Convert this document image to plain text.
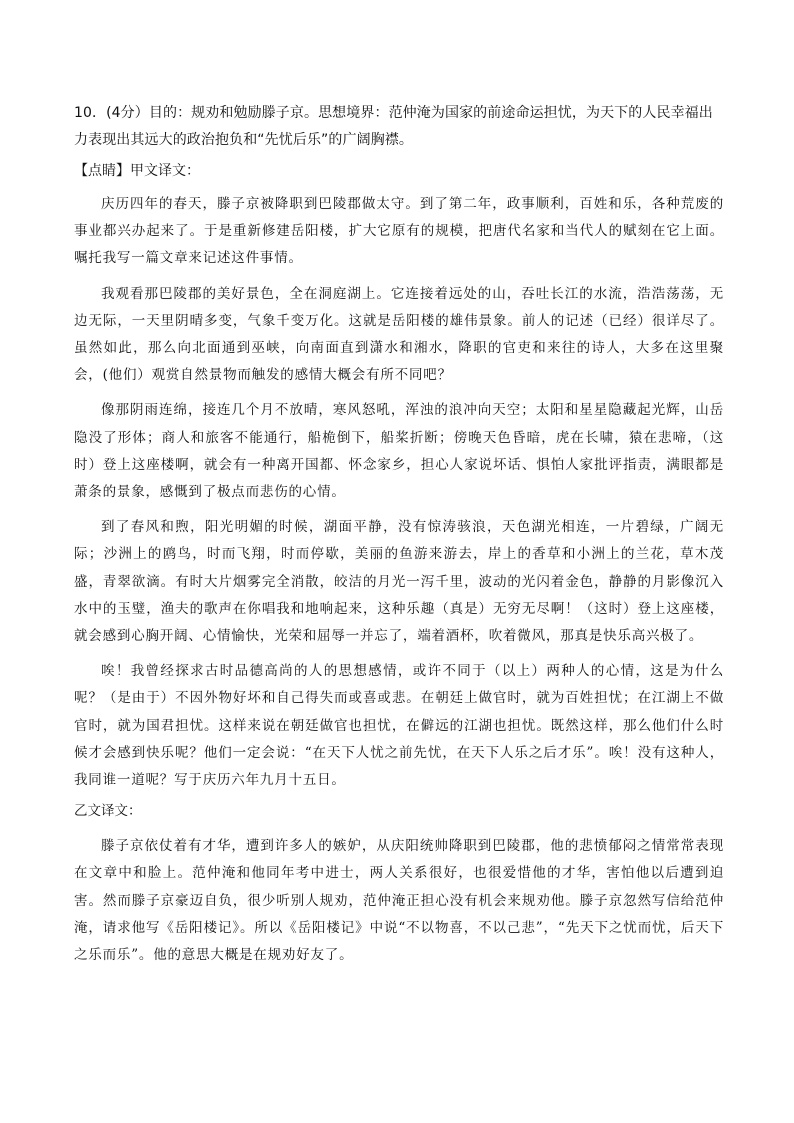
10．(4分）目的：规劝和勉励滕子京。思想境界：范仲淹为国家的前途命运担忧，为天下的人民幸福出力表现出其远大的政治抱负和“先忧后乐”的广阔胸襟。

【点睛】甲文译文：

庆历四年的春天，滕子京被降职到巴陵郡做太守。到了第二年，政事顺利，百姓和乐，各种荒废的事业都兴办起来了。于是重新修建岳阳楼，扩大它原有的规模，把唐代名家和当代人的赋刻在它上面。嘱托我写一篇文章来记述这件事情。

我观看那巴陵郡的美好景色，全在洞庭湖上。它连接着远处的山，吞吐长江的水流，浩浩荡荡，无边无际，一天里阴晴多变，气象千变万化。这就是岳阳楼的雄伟景象。前人的记述（已经）很详尽了。虽然如此，那么向北面通到巫峡，向南面直到潇水和湘水，降职的官吏和来往的诗人，大多在这里聚会，(他们）观赏自然景物而触发的感情大概会有所不同吧？

像那阴雨连绵，接连几个月不放晴，寒风怒吼，浑浊的浪冲向天空；太阳和星星隐藏起光辉，山岳隐没了形体；商人和旅客不能通行，船桅倒下，船桨折断；傍晚天色昏暗，虎在长啸，猿在悲啼，（这时）登上这座楼啊，就会有一种离开国都、怀念家乡，担心人家说坏话、惧怕人家批评指责，满眼都是萧条的景象，感慨到了极点而悲伤的心情。

到了春风和煦，阳光明媚的时候，湖面平静，没有惊涛骇浪，天色湖光相连，一片碧绿，广阔无际；沙洲上的鸥鸟，时而飞翔，时而停歇，美丽的鱼游来游去，岸上的香草和小洲上的兰花，草木茂盛，青翠欲滴。有时大片烟雾完全消散，皎洁的月光一泻千里，波动的光闪着金色，静静的月影像沉入水中的玉璧，渔夫的歌声在你唱我和地响起来，这种乐趣（真是）无穷无尽啊！（这时）登上这座楼，就会感到心胸开阔、心情愉快，光荣和屈辱一并忘了，端着酒杯，吹着微风，那真是快乐高兴极了。

唉！我曾经探求古时品德高尚的人的思想感情，或许不同于（以上）两种人的心情，这是为什么呢？（是由于）不因外物好坏和自己得失而或喜或悲。在朝廷上做官时，就为百姓担忧；在江湖上不做官时，就为国君担忧。这样来说在朝廷做官也担忧，在僻远的江湖也担忧。既然这样，那么他们什么时候才会感到快乐呢？他们一定会说：“在天下人忧之前先忧，在天下人乐之后才乐”。唉！没有这种人，我同谁一道呢？写于庆历六年九月十五日。

乙文译文：

滕子京依仗着有才华，遭到许多人的嫉妒，从庆阳统帅降职到巴陵郡，他的悲愤郁闷之情常常表现在文章中和脸上。范仲淹和他同年考中进士，两人关系很好，也很爱惜他的才华，害怕他以后遭到迫害。然而滕子京豪迈自负，很少听别人规劝，范仲淹正担心没有机会来规劝他。滕子京忽然写信给范仲淹，请求他写《岳阳楼记》。所以《岳阳楼记》中说“不以物喜，不以己悲”，“先天下之忧而忧，后天下之乐而乐”。他的意思大概是在规劝好友了。
